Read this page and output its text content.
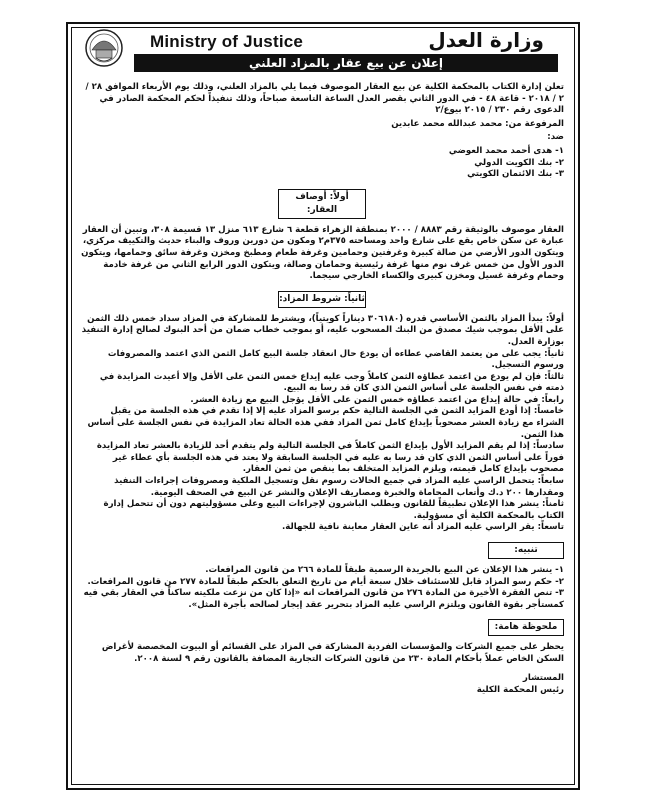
Ministry of Justice	وزارة العدل
إعلان عن بيع عقار بالمزاد العلني

تعلن إدارة الكتاب بالمحكمة الكلية عن بيع العقار الموصوف فيما يلي بالمزاد العلني، وذلك يوم الأربعاء الموافق ٢٨ / ٢ / ٢٠١٨ - قاعة ٤٨ - في الدور الثاني بقصر العدل الساعة التاسعة صباحاً، وذلك تنفيذاً لحكم المحكمة الصادر في الدعوى رقم ٢٣٠ / ٢٠١٥ بيوع/٢

المرفوعة من: محمد عبدالله محمد عابدين

ضد:

١- هدى أحمد محمد العوضي
٢- بنك الكويت الدولي
٣- بنك الائتمان الكويتي
أولاً: أوصاف العقار:

العقار موصوف بالوثيقة رقم ٨٨٨٣ / ٢٠٠٠ بمنطقة الزهراء قطعة ٦ شارع ٦١٣ منزل ١٣ قسيمة ٣٠٨، وتبين أن العقار عبارة عن سكن خاص يقع على شارع واحد ومساحته ٣٧٥م٢ ومكون من دورين وروف والبناء حديث والتكييف مركزي، ويتكون الدور الأرضي من صالة كبيرة وغرفتين وحمامين وغرفة طعام ومطبخ ومخزن وغرفة سائق وحمامها، ويتكون الدور الأول من خمس غرف نوم منها غرفة رئيسية وحمامان وصالة، ويتكون الدور الرابع الثاني من غرفة خادمة وحمام وغرفة غسيل ومخزن كبيرى والكساء الخارجي سيجما.

ثانياً: شروط المزاد:
أولاً: يبدأ المزاد بالثمن الأساسي قدره (٣٠٦١٨٠ ديناراً كويتياً)، ويشترط للمشاركة في المزاد سداد خمس ذلك الثمن على الأقل بموجب شيك مصدق من البنك المسحوب عليه، أو بموجب خطاب ضمان من أحد البنوك لصالح إدارة التنفيذ بوزارة العدل.
ثانياً: يجب على من يعتمد القاضي عطاءه أن يودع حال انعقاد جلسة البيع كامل الثمن الذي اعتمد والمصروفات ورسوم التسجيل.
ثالثاً: فإن لم يودع من اعتمد عطاؤه الثمن كاملاً وجب عليه إيداع خمس الثمن على الأقل وإلا أعيدت المزايدة في ذمته في نفس الجلسة على أساس الثمن الذي كان قد رسا به البيع.
رابعاً: في حالة إيداع من اعتمد عطاؤه خمس الثمن على الأقل يؤجل البيع مع زيادة العشر.
خامساً: إذا أودع المزايد الثمن في الجلسة التالية حكم برسو المزاد عليه إلا إذا تقدم في هذه الجلسة من يقبل الشراء مع زيادة العشر مصحوباً بإيداع كامل ثمن المزاد ففي هذه الحالة تعاد المزايدة في نفس الجلسة على أساس هذا الثمن.
سادساً: إذا لم يقم المزايد الأول بإيداع الثمن كاملاً في الجلسة التالية ولم يتقدم أحد للزيادة بالعشر تعاد المزايدة فوراً على أساس الثمن الذي كان قد رسا به عليه في الجلسة السابقة ولا يعتد في هذه الجلسة بأي عطاء غير مصحوب بإيداع كامل قيمته، ويلزم المزايد المتخلف بما ينقص من ثمن العقار.
سابعاً: يتحمل الراسي عليه المزاد في جميع الحالات رسوم نقل وتسجيل الملكية ومصروفات إجراءات التنفيذ ومقدارها ٢٠٠ د.ك وأتعاب المحاماة والخبرة ومصاريف الإعلان والنشر عن البيع في الصحف اليومية.
ثامناً: ينشر هذا الإعلان تطبيقاً للقانون ويطلب الباشرون لإجراءات البيع وعلى مسؤوليتهم دون أن تتحمل إدارة الكتاب بالمحكمة الكلية أي مسؤولية.
تاسعاً: يقر الراسي عليه المزاد أنه عاين العقار معاينة نافية للجهالة.
تنبيه:
١- ينشر هذا الإعلان عن البيع بالجريدة الرسمية طبقاً للمادة ٢٦٦ من قانون المرافعات.
٢- حكم رسو المزاد قابل للاستئناف خلال سبعة أيام من تاريخ التعلق بالحكم طبقاً للمادة ٢٧٧ من قانون المرافعات.
٣- تنص الفقرة الأخيرة من المادة ٢٧٦ من قانون المرافعات انه «إذا كان من نزعت ملكيته ساكناً في العقار بقي فيه كمستأجر بقوة القانون ويلتزم الراسي عليه المزاد بتحرير عقد إيجار لصالحه بأجرة المثل».
ملحوظة هامة:

يحظر على جميع الشركات والمؤسسات الفردية المشاركة في المزاد على القسائم أو البيوت المخصصة لأغراض السكن الخاص عملاً بأحكام المادة ٢٣٠ من قانون الشركات التجارية المضافة بالقانون رقم ٩ لسنة ٢٠٠٨.

المستشار
رئيس المحكمة الكلية
